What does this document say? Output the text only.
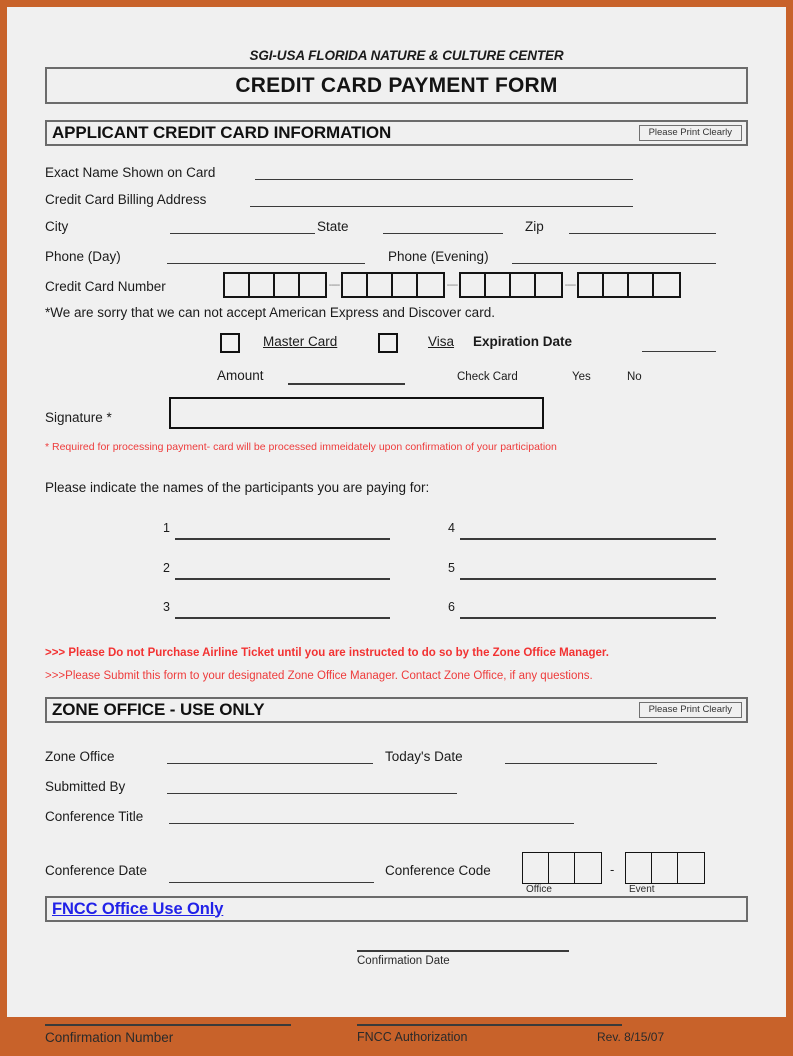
SGI-USA FLORIDA NATURE & CULTURE CENTER
CREDIT CARD PAYMENT FORM
APPLICANT CREDIT CARD INFORMATION	Please Print Clearly
Exact Name Shown on Card
Credit Card Billing Address
City	State	Zip
Phone (Day)	Phone (Evening)
Credit Card Number	----	----	----
*We are sorry that we can not accept American Express and Discover card.
Master Card	Visa Expiration Date
Amount	Check Card	Yes	No
Signature *
* Required for processing payment- card will be processed immeidately upon confirmation of your participation
Please indicate the names of the participants you are paying for:
1
2
3
4
5
6
>>> Please Do not Purchase Airline Ticket until you are instructed to do so by the Zone Office Manager.
>>>Please Submit this form to your designated Zone Office Manager. Contact Zone Office, if any questions.
ZONE OFFICE - USE ONLY	Please Print Clearly
Zone Office	Today's Date
Submitted By
Conference Title
Conference Date	Conference Code	-
Office	Event
FNCC Office Use Only
Confirmation Date
Confirmation Number	FNCC Authorization	Rev. 8/15/07
